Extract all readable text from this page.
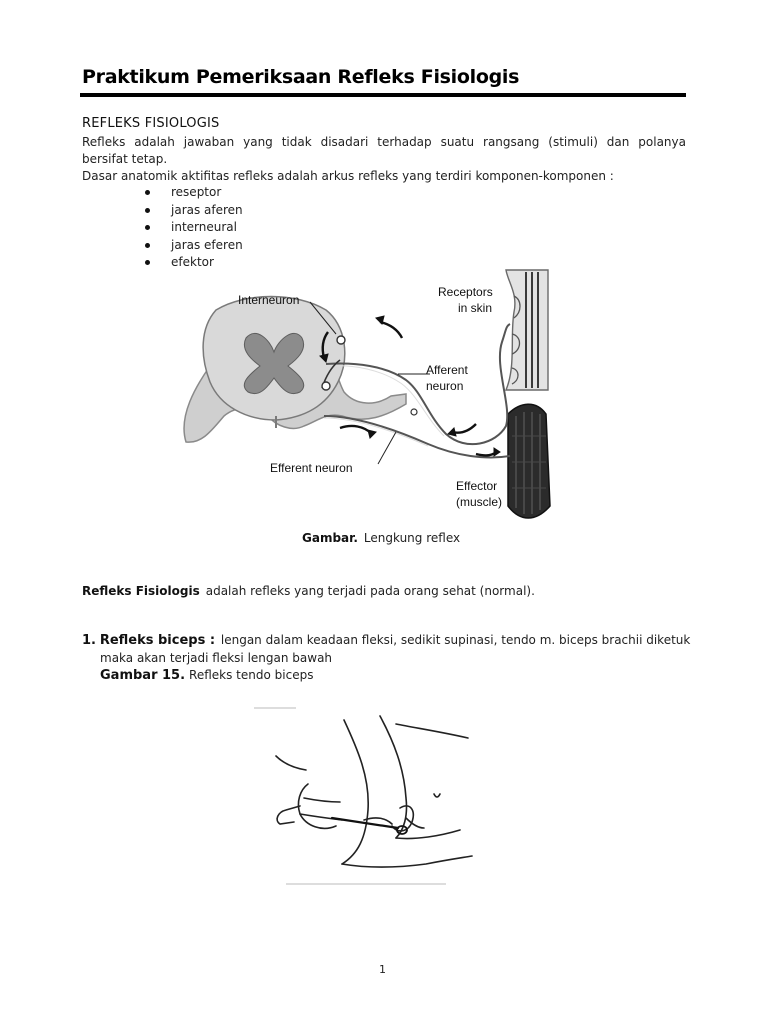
Praktikum Pemeriksaan Refleks Fisiologis
REFLEKS FISIOLOGIS
Refleks adalah jawaban yang tidak disadari terhadap suatu rangsang (stimuli) dan polanya
bersifat tetap.
Dasar anatomik aktifitas refleks adalah arkus refleks yang terdiri komponen-komponen :
reseptor
jaras aferen
interneural
jaras eferen
efektor
Interneuron
Receptors
in skin
Afferent
neuron
Efferent neuron
Effector
(muscle)
Gambar. Lengkung reflex
Refleks Fisiologis adalah refleks yang terjadi pada orang sehat (normal).
1. Refleks biceps : lengan dalam keadaan fleksi, sedikit supinasi, tendo m. biceps brachii diketuk
maka akan terjadi fleksi lengan bawah
Gambar 15. Refleks tendo biceps
1
